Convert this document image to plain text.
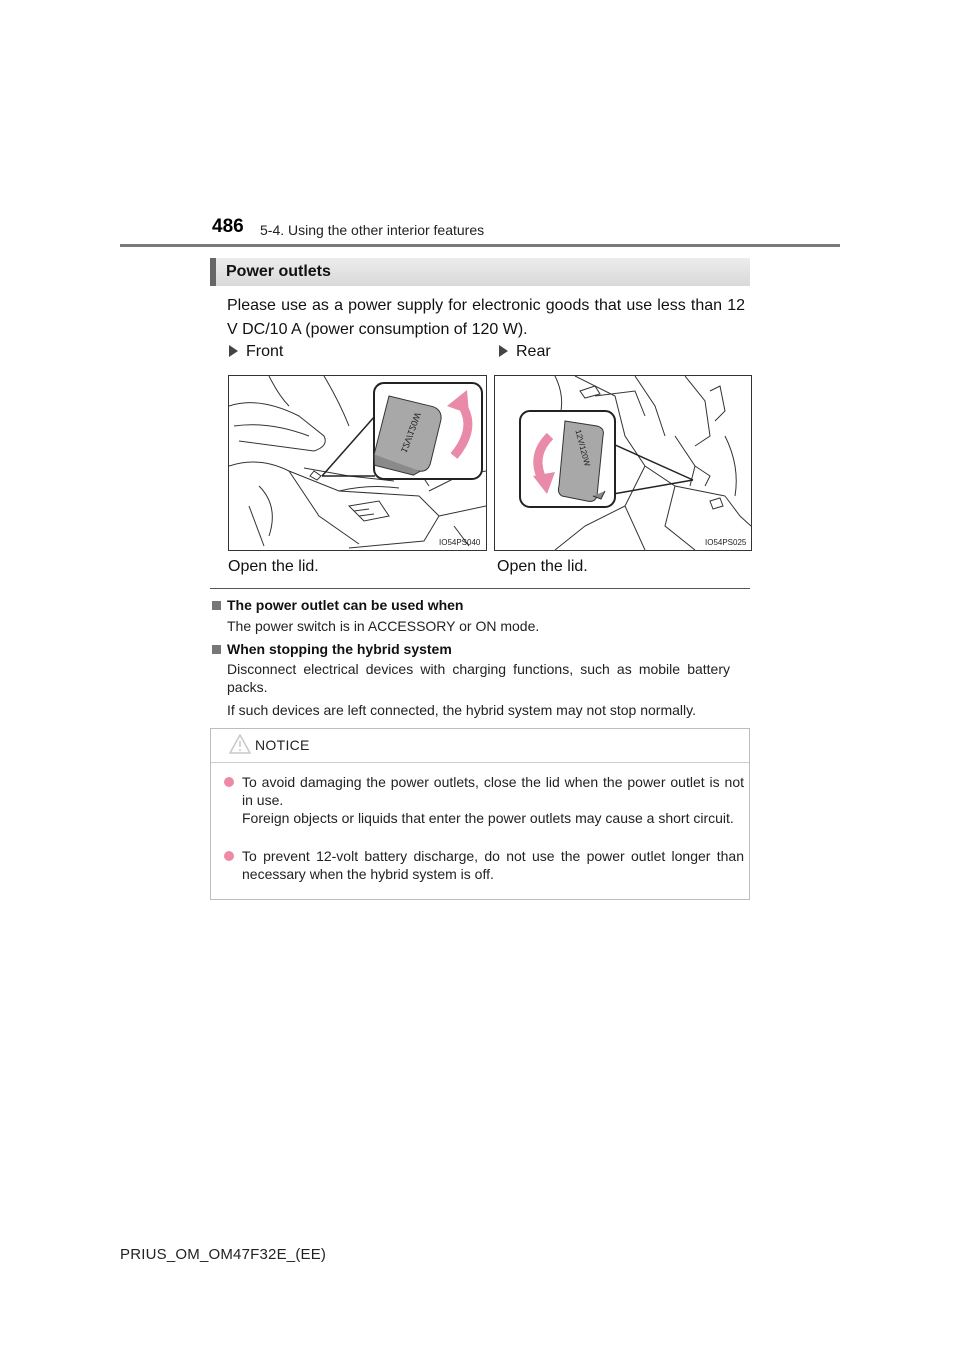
486 5-4. Using the other interior features
Power outlets
Please use as a power supply for electronic goods that use less than 12 V DC/10 A (power consumption of 120 W).
Front	Rear
12V/120W
IO54PS040
12V/120W
IO54PS025
Open the lid.	Open the lid.
The power outlet can be used when
The power switch is in ACCESSORY or ON mode.
When stopping the hybrid system
Disconnect electrical devices with charging functions, such as mobile battery packs.
If such devices are left connected, the hybrid system may not stop normally.
NOTICE
To avoid damaging the power outlets, close the lid when the power outlet is not in use.
Foreign objects or liquids that enter the power outlets may cause a short circuit.
To prevent 12-volt battery discharge, do not use the power outlet longer than necessary when the hybrid system is off.
PRIUS_OM_OM47F32E_(EE)
